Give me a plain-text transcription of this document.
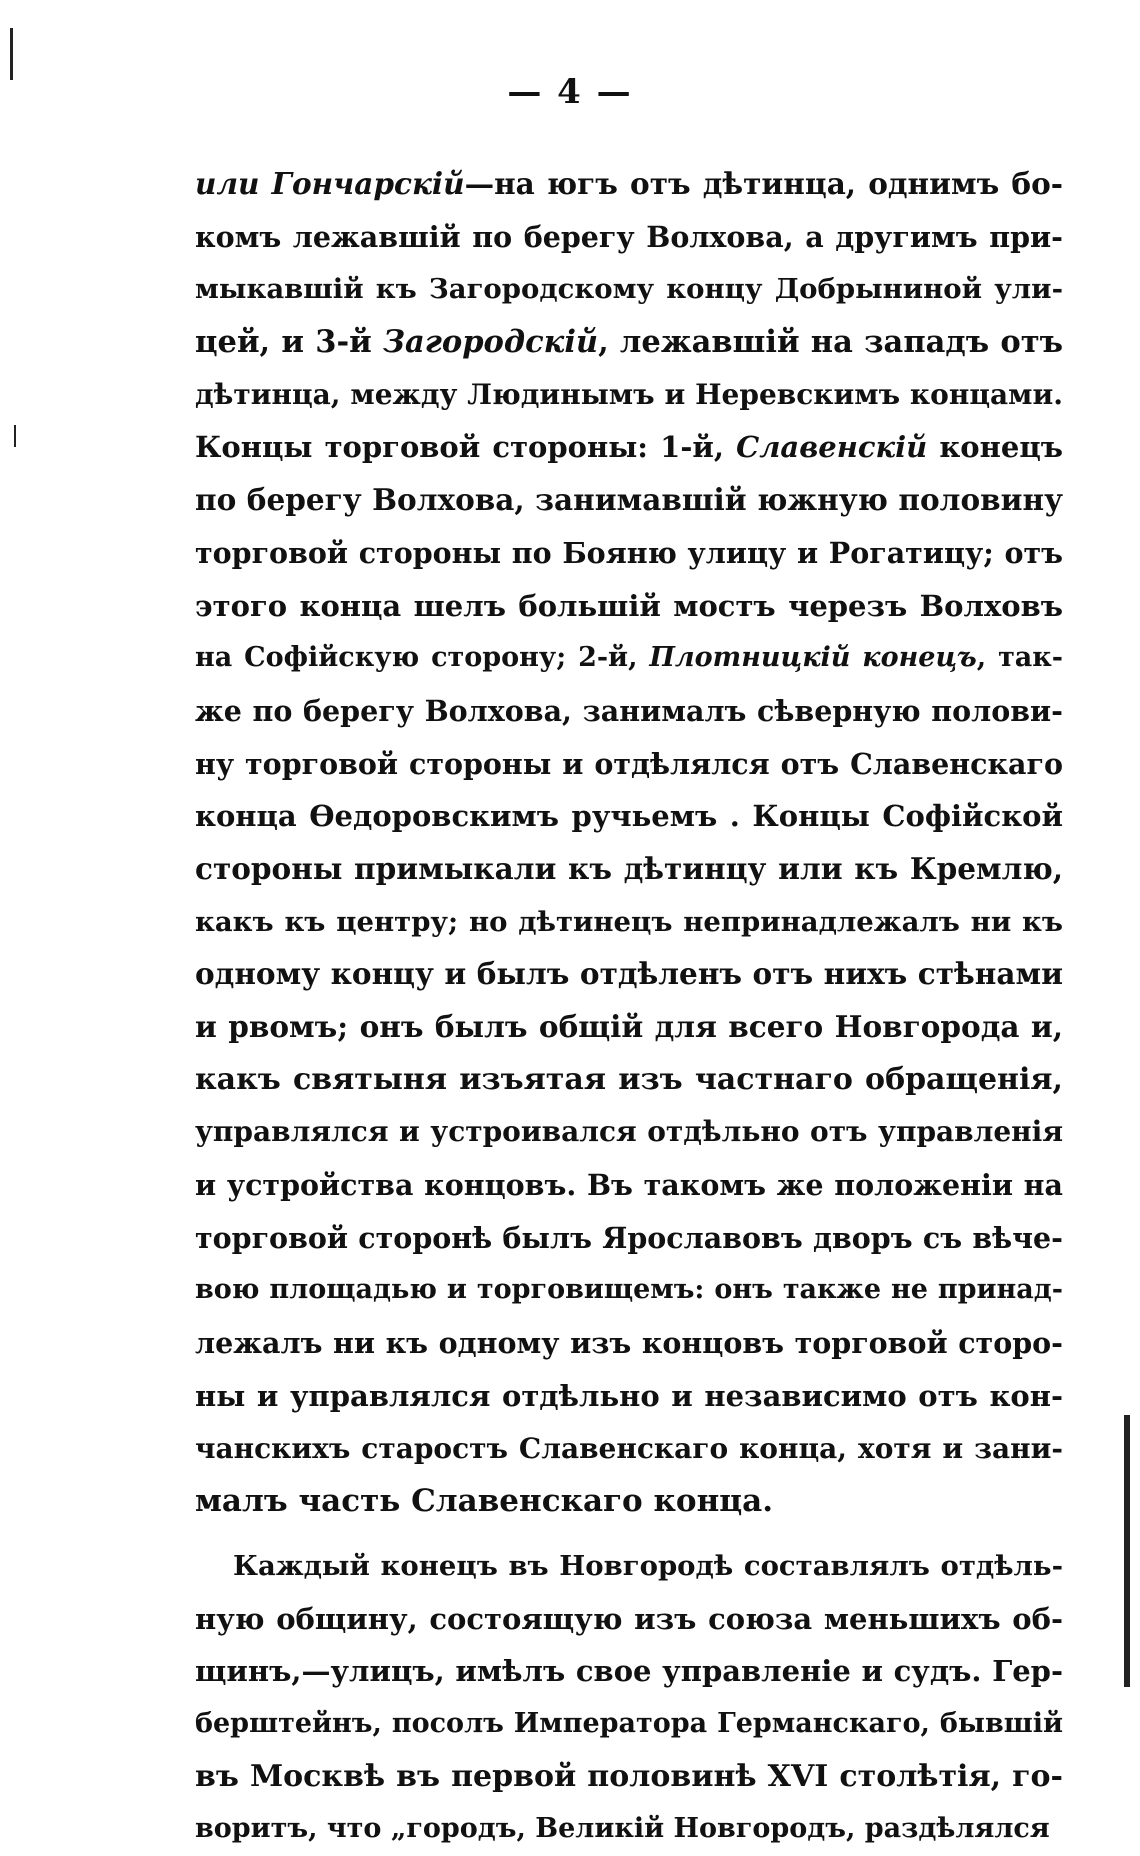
— 4 —
или Гончарскій—на югъ отъ дѣтинца, однимъ бо-
комъ лежавшій по берегу Волхова, а другимъ при-
мыкавшій къ Загородскому концу Добрыниной ули-
цей, и 3-й Загородскій, лежавшій на западъ отъ
дѣтинца, между Людинымъ и Неревскимъ концами.
Концы торговой стороны: 1-й, Славенскій конецъ
по берегу Волхова, занимавшій южную половину
торговой стороны по Бояню улицу и Рогатицу; отъ
этого конца шелъ большій мостъ черезъ Волховъ
на Софійскую сторону; 2-й, Плотницкій конецъ, так-
же по берегу Волхова, занималъ сѣверную полови-
ну торговой стороны и отдѣлялся отъ Славенскаго
конца Ѳедоровскимъ ручьемъ . Концы Софійской
стороны примыкали къ дѣтинцу или къ Кремлю,
какъ къ центру; но дѣтинецъ непринадлежалъ ни къ
одному концу и былъ отдѣленъ отъ нихъ стѣнами
и рвомъ; онъ былъ общій для всего Новгорода и,
какъ святыня изъятая изъ частнаго обращенія,
управлялся и устроивался отдѣльно отъ управленія
и устройства концовъ. Въ такомъ же положеніи на
торговой сторонѣ былъ Ярославовъ дворъ съ вѣче-
вою площадью и торговищемъ: онъ также не принад-
лежалъ ни къ одному изъ концовъ торговой сторо-
ны и управлялся отдѣльно и независимо отъ кон-
чанскихъ старостъ Славенскаго конца, хотя и зани-
малъ часть Славенскаго конца.
Каждый конецъ въ Новгородѣ составлялъ отдѣль-
ную общину, состоящую изъ союза меньшихъ об-
щинъ,—улицъ, имѣлъ свое управленіе и судъ. Гер-
берштейнъ, посолъ Императора Германскаго, бывшій
въ Москвѣ въ первой половинѣ XVI столѣтія, го-
воритъ, что „городъ, Великій Новгородъ, раздѣлялся
